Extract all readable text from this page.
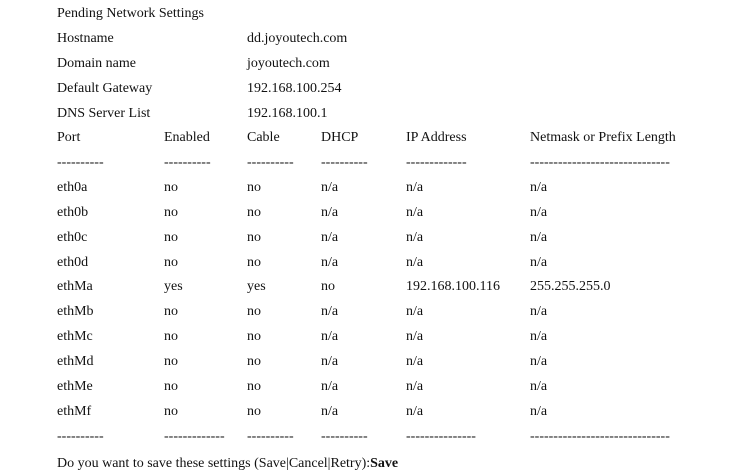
Pending Network Settings
Hostname	dd.joyoutech.com
Domain name	joyoutech.com
Default Gateway	192.168.100.254
DNS Server List	192.168.100.1
Port	Enabled	Cable	DHCP	IP Address	Netmask or Prefix Length
----------	----------	---------- ----------	-------------	------------------------------
eth0a	no	no	n/a	n/a	n/a
eth0b	no	no	n/a	n/a	n/a
eth0c	no	no	n/a	n/a	n/a
eth0d	no	no	n/a	n/a	n/a
ethMa	yes	yes	no	192.168.100.116 255.255.255.0
ethMb	no	no	n/a	n/a	n/a
ethMc	no	no	n/a	n/a	n/a
ethMd	no	no	n/a	n/a	n/a
ethMe	no	no	n/a	n/a	n/a
ethMf	no	no	n/a	n/a	n/a
----------	------------- ---------- ----------	---------------	------------------------------
Do you want to save these settings (Save|Cancel|Retry):Save
